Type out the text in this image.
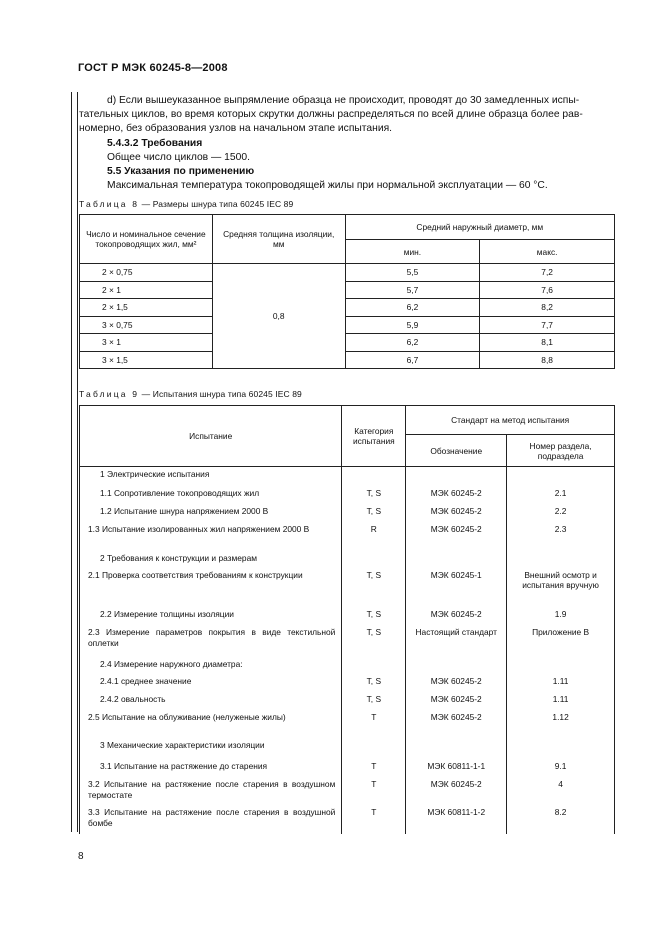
ГОСТ Р МЭК 60245-8—2008

d) Если вышеуказанное выпрямление образца не происходит, проводят до 30 замедленных испы-

тательных циклов, во время которых скрутки должны распределяться по всей длине образца более рав-

номерно, без образования узлов на начальном этапе испытания.

5.4.3.2 Требования

Общее число циклов — 1500.

5.5 Указания по применению

Максимальная температура токопроводящей жилы при нормальной эксплуатации — 60 °C.

Таблица 8 — Размеры шнура типа 60245 IEC 89
Число и номинальное сечение токопроводящих жил, мм²	Средняя толщина изоляции, мм	Средний наружный диаметр, мм	
		мин.	макс.
2 × 0,75	0,8	5,5	7,2
2 × 1		5,7	7,6
2 × 1,5		6,2	8,2
3 × 0,75		5,9	7,7
3 × 1		6,2	8,1
3 × 1,5		6,7	8,8
Таблица 9 — Испытания шнура типа 60245 IEC 89
Испытание	Категория испытания	Стандарт на метод испытания	
		Обозначение	Номер раздела, подраздела
1 Электрические испытания			
1.1 Сопротивление токопроводящих жил	T, S	МЭК 60245-2	2.1
1.2 Испытание шнура напряжением 2000 В	T, S	МЭК 60245-2	2.2
1.3 Испытание изолированных жил напряжением 2000 В	R	МЭК 60245-2	2.3
2 Требования к конструкции и размерам			
2.1 Проверка соответствия требованиям к конструкции	T, S	МЭК 60245-1	Внешний осмотр и испытания вручную
2.2 Измерение толщины изоляции	T, S	МЭК 60245-2	1.9
2.3 Измерение параметров покрытия в виде текстильной оплетки	T, S	Настоящий стандарт	Приложение B
2.4 Измерение наружного диаметра:			
2.4.1 среднее значение	T, S	МЭК 60245-2	1.11
2.4.2 овальность	T, S	МЭК 60245-2	1.11
2.5 Испытание на облуживание (нелуженые жилы)	T	МЭК 60245-2	1.12
3 Механические характеристики изоляции			
3.1 Испытание на растяжение до старения	T	МЭК 60811-1-1	9.1
3.2 Испытание на растяжение после старения в воздушном термостате	T	МЭК 60245-2	4
3.3 Испытание на растяжение после старения в воздушной бомбе	T	МЭК 60811-1-2	8.2
8
